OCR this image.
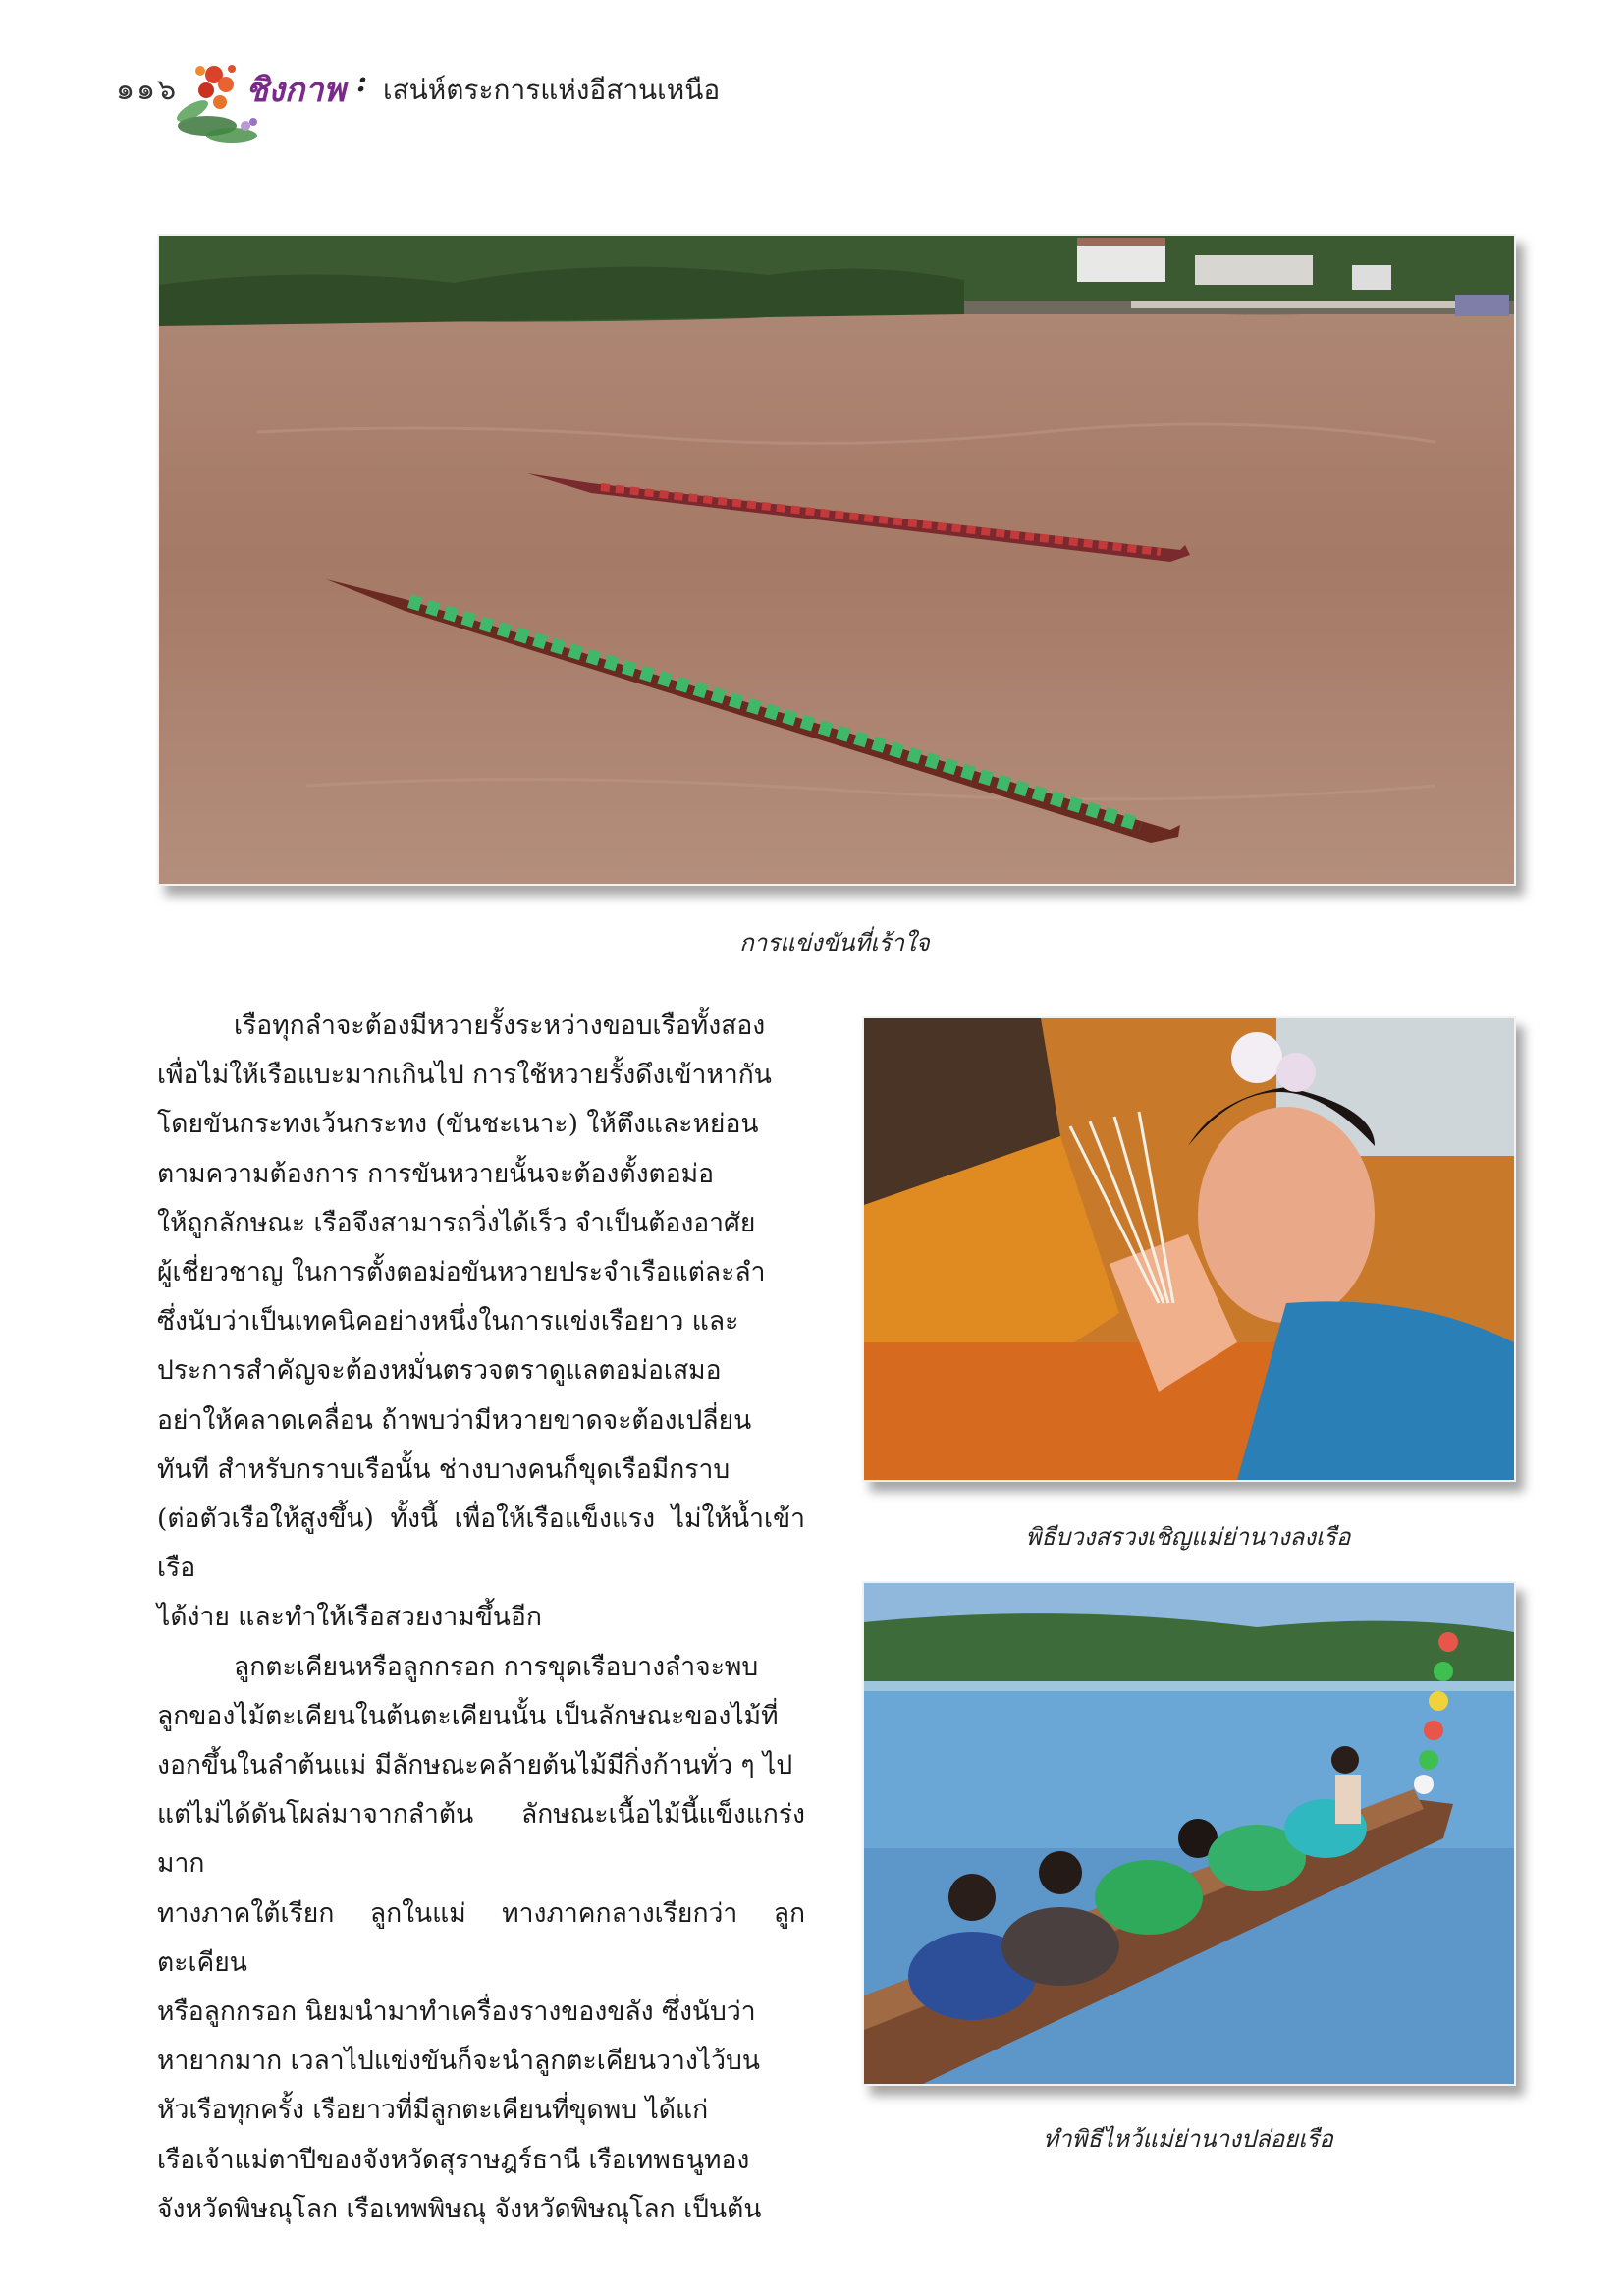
๑๑๖ ชิงกาพ : เสน่ห์ตระการแห่งอีสานเหนือ
การแข่งขันที่เร้าใจ
พิธีบวงสรวงเชิญแม่ย่านางลงเรือ
ทำพิธีไหว้แม่ย่านางปล่อยเรือ

เรือทุกลำจะต้องมีหวายรั้งระหว่างขอบเรือทั้งสอง

เพื่อไม่ให้เรือแบะมากเกินไป การใช้หวายรั้งดึงเข้าหากัน

โดยขันกระทงเว้นกระทง (ขันชะเนาะ) ให้ตึงและหย่อน

ตามความต้องการ การขันหวายนั้นจะต้องตั้งตอม่อ

ให้ถูกลักษณะ เรือจึงสามารถวิ่งได้เร็ว จำเป็นต้องอาศัย

ผู้เชี่ยวชาญ ในการตั้งตอม่อขันหวายประจำเรือแต่ละลำ

ซึ่งนับว่าเป็นเทคนิคอย่างหนึ่งในการแข่งเรือยาว และ

ประการสำคัญจะต้องหมั่นตรวจตราดูแลตอม่อเสมอ

อย่าให้คลาดเคลื่อน ถ้าพบว่ามีหวายขาดจะต้องเปลี่ยน

ทันที สำหรับกราบเรือนั้น ช่างบางคนก็ขุดเรือมีกราบ

(ต่อตัวเรือให้สูงขึ้น) ทั้งนี้ เพื่อให้เรือแข็งแรง ไม่ให้น้ำเข้าเรือ

ได้ง่าย และทำให้เรือสวยงามขึ้นอีก

ลูกตะเคียนหรือลูกกรอก การขุดเรือบางลำจะพบ

ลูกของไม้ตะเคียนในต้นตะเคียนนั้น เป็นลักษณะของไม้ที่

งอกขึ้นในลำต้นแม่ มีลักษณะคล้ายต้นไม้มีกิ่งก้านทั่ว ๆ ไป

แต่ไม่ได้ดันโผล่มาจากลำต้น ลักษณะเนื้อไม้นี้แข็งแกร่งมาก

ทางภาคใต้เรียก ลูกในแม่ ทางภาคกลางเรียกว่า ลูกตะเคียน

หรือลูกกรอก นิยมนำมาทำเครื่องรางของขลัง ซึ่งนับว่า

หายากมาก เวลาไปแข่งขันก็จะนำลูกตะเคียนวางไว้บน

หัวเรือทุกครั้ง เรือยาวที่มีลูกตะเคียนที่ขุดพบ ได้แก่

เรือเจ้าแม่ตาปีของจังหวัดสุราษฎร์ธานี เรือเทพธนูทอง

จังหวัดพิษณุโลก เรือเทพพิษณุ จังหวัดพิษณุโลก เป็นต้น
